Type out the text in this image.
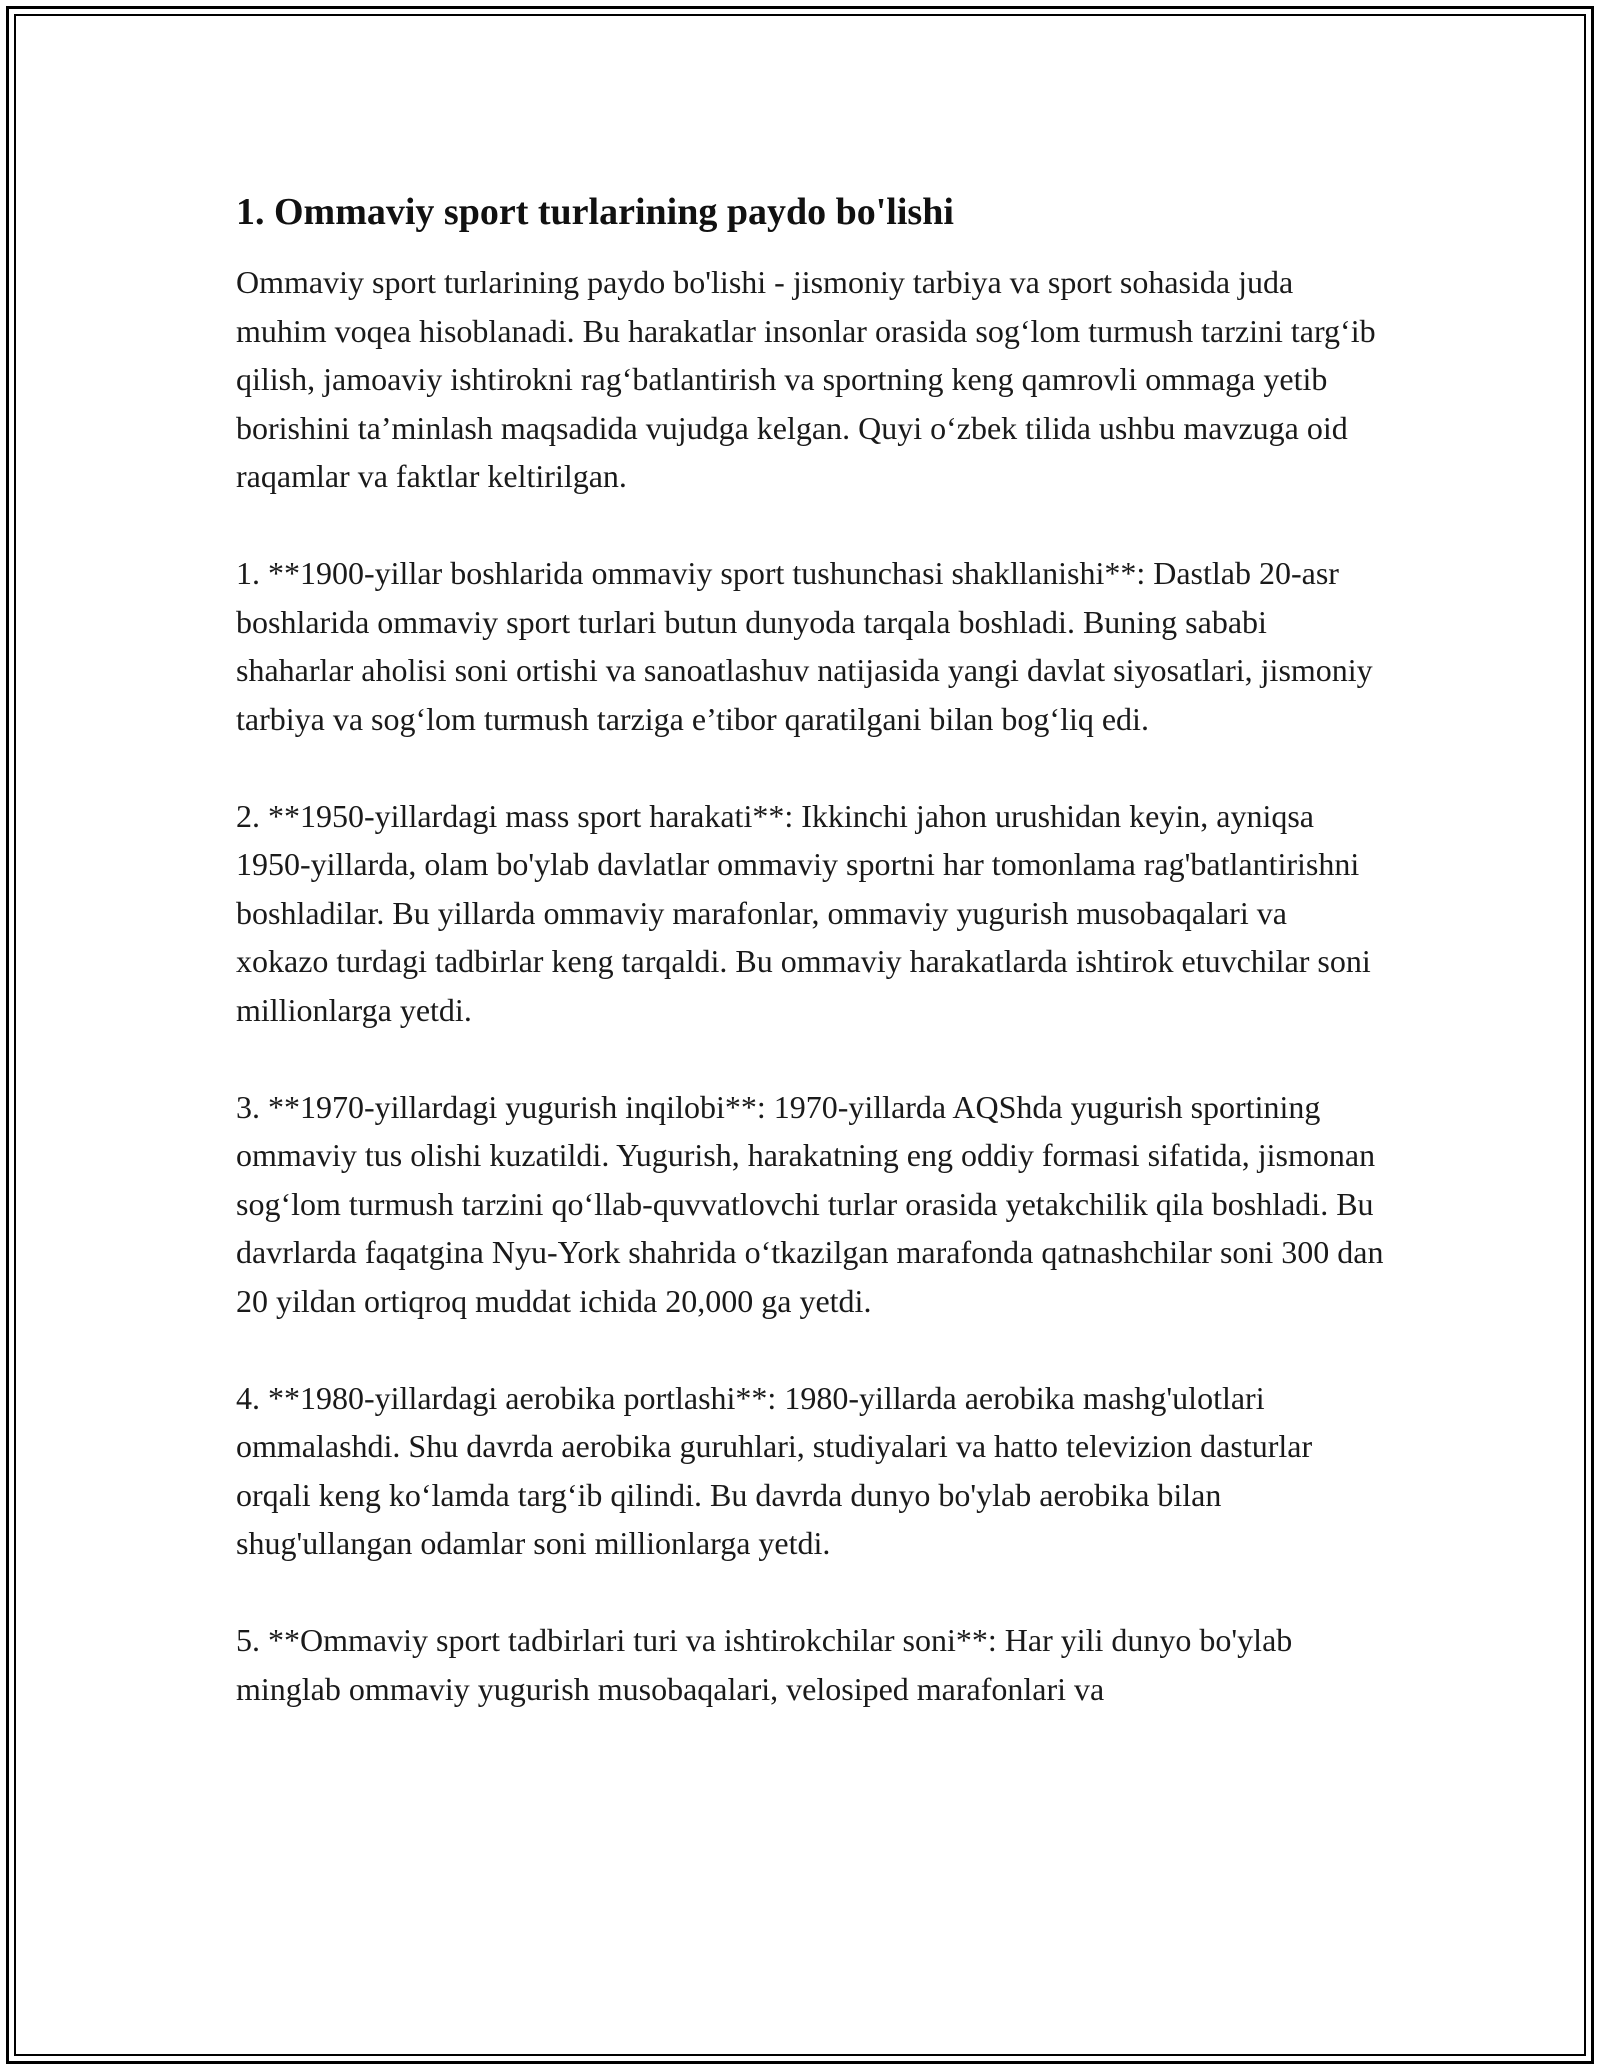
1. Ommaviy sport turlarining paydo bo'lishi

Ommaviy sport turlarining paydo bo'lishi - jismoniy tarbiya va sport sohasida juda muhim voqea hisoblanadi. Bu harakatlar insonlar orasida sog‘lom turmush tarzini targ‘ib qilish, jamoaviy ishtirokni rag‘batlantirish va sportning keng qamrovli ommaga yetib borishini ta’minlash maqsadida vujudga kelgan. Quyi o‘zbek tilida ushbu mavzuga oid raqamlar va faktlar keltirilgan.

1. **1900-yillar boshlarida ommaviy sport tushunchasi shakllanishi**: Dastlab 20-asr boshlarida ommaviy sport turlari butun dunyoda tarqala boshladi. Buning sababi shaharlar aholisi soni ortishi va sanoatlashuv natijasida yangi davlat siyosatlari, jismoniy tarbiya va sog‘lom turmush tarziga e’tibor qaratilgani bilan bog‘liq edi.

2. **1950-yillardagi mass sport harakati**: Ikkinchi jahon urushidan keyin, ayniqsa 1950-yillarda, olam bo'ylab davlatlar ommaviy sportni har tomonlama rag'batlantirishni boshladilar. Bu yillarda ommaviy marafonlar, ommaviy yugurish musobaqalari va xokazo turdagi tadbirlar keng tarqaldi. Bu ommaviy harakatlarda ishtirok etuvchilar soni millionlarga yetdi.

3. **1970-yillardagi yugurish inqilobi**: 1970-yillarda AQShda yugurish sportining ommaviy tus olishi kuzatildi. Yugurish, harakatning eng oddiy formasi sifatida, jismonan sog‘lom turmush tarzini qo‘llab-quvvatlovchi turlar orasida yetakchilik qila boshladi. Bu davrlarda faqatgina Nyu-York shahrida o‘tkazilgan marafonda qatnashchilar soni 300 dan 20 yildan ortiqroq muddat ichida 20,000 ga yetdi.

4. **1980-yillardagi aerobika portlashi**: 1980-yillarda aerobika mashg'ulotlari ommalashdi. Shu davrda aerobika guruhlari, studiyalari va hatto televizion dasturlar orqali keng ko‘lamda targ‘ib qilindi. Bu davrda dunyo bo'ylab aerobika bilan shug'ullangan odamlar soni millionlarga yetdi.

5. **Ommaviy sport tadbirlari turi va ishtirokchilar soni**: Har yili dunyo bo'ylab minglab ommaviy yugurish musobaqalari, velosiped marafonlari va
